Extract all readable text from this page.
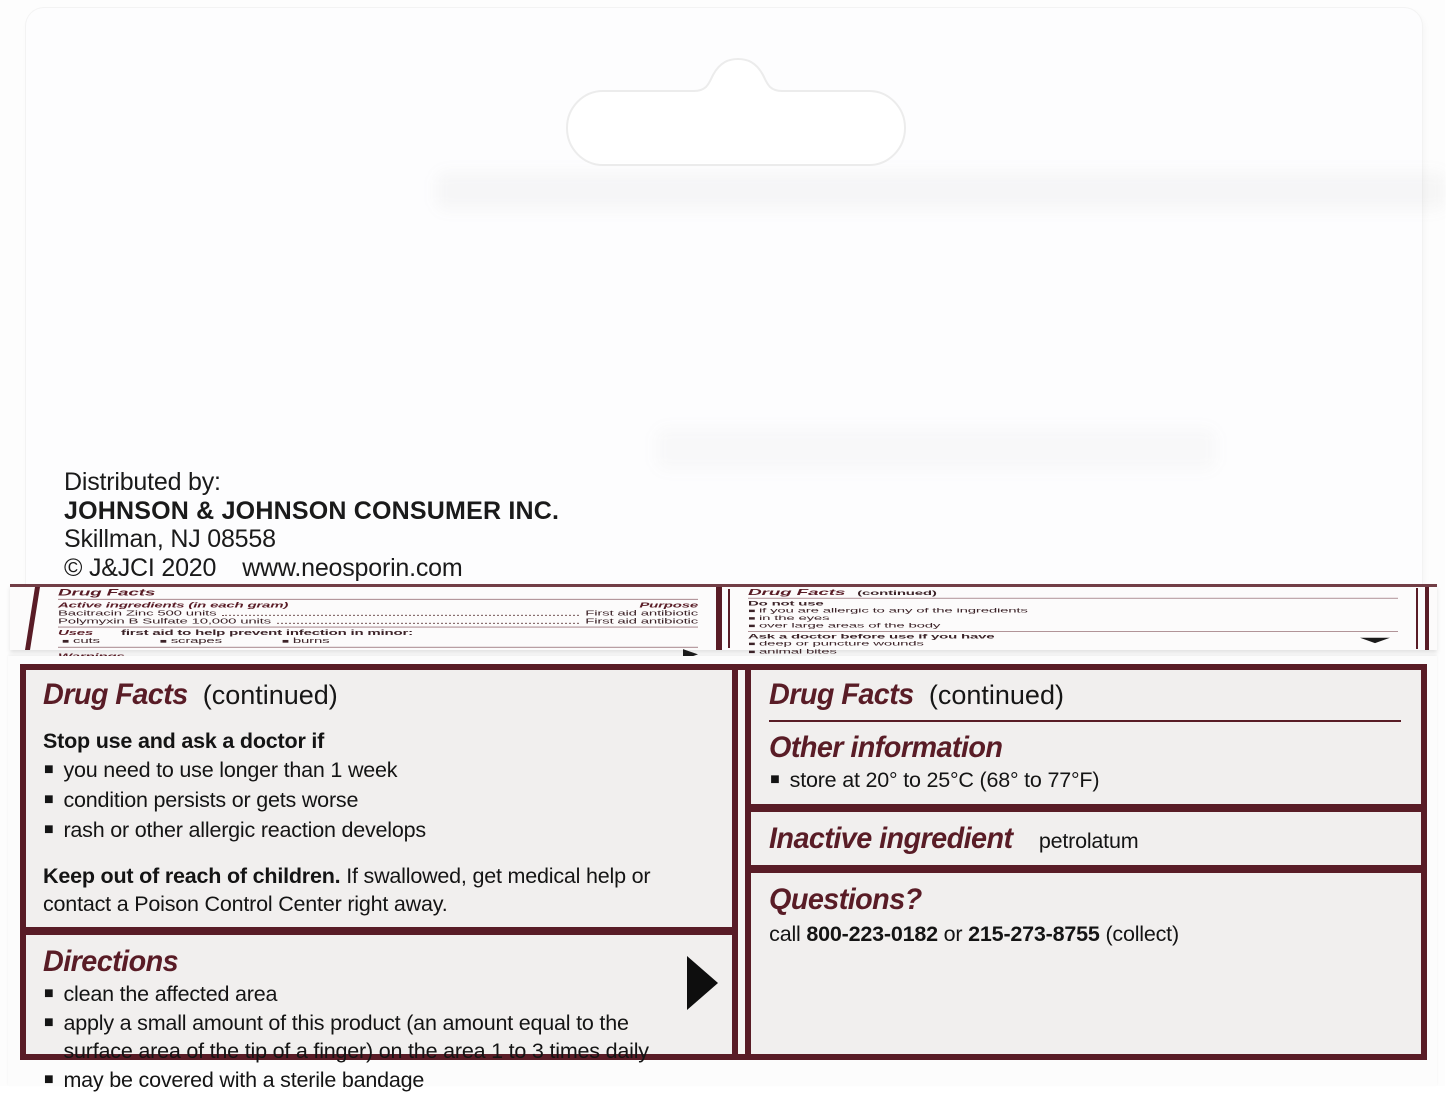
Distributed by:
JOHNSON & JOHNSON CONSUMER INC.
Skillman, NJ 08558
© J&JCI 2020 www.neosporin.com
Drug Facts
Active ingredients (in each gram)	Purpose
Bacitracin Zinc 500 units	First aid antibiotic
Polymyxin B Sulfate 10,000 units	First aid antibiotic
Uses first aid to help prevent infection in minor:
■ cuts	■ scrapes	■ burns
Drug Facts (continued)
Do not use
■ if you are allergic to any of the ingredients
■ in the eyes
■ over large areas of the body
Ask a doctor before use if you have
■ deep or puncture wounds
■ animal bites
Drug Facts (continued)
Stop use and ask a doctor if
■ you need to use longer than 1 week
■ condition persists or gets worse
■ rash or other allergic reaction develops
Keep out of reach of children. If swallowed, get medical help or contact a Poison Control Center right away.
Directions
■ clean the affected area
■ apply a small amount of this product (an amount equal to the surface area of the tip of a finger) on the area 1 to 3 times daily
■ may be covered with a sterile bandage
Drug Facts (continued)
Other information
■ store at 20° to 25°C (68° to 77°F)
Inactive ingredient petrolatum
Questions?
call 800-223-0182 or 215-273-8755 (collect)
